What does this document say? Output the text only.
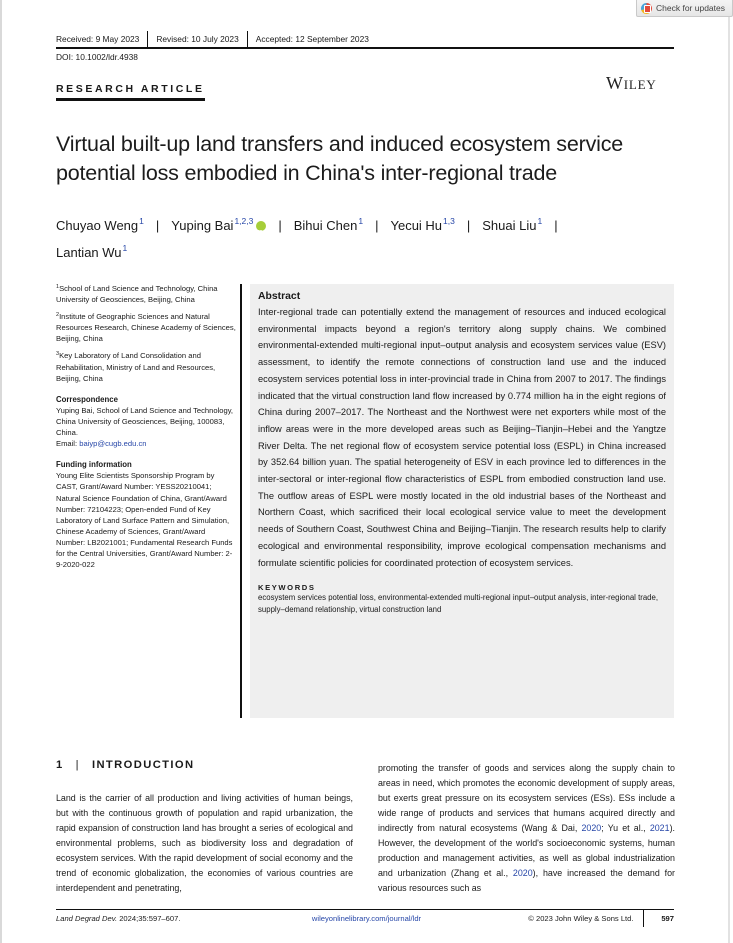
Check for updates
Received: 9 May 2023	Revised: 10 July 2023	Accepted: 12 September 2023
DOI: 10.1002/ldr.4938
RESEARCH ARTICLE	Wiley
Virtual built-up land transfers and induced ecosystem service potential loss embodied in China's inter-regional trade
Chuyao Weng$^1$ | Yuping Bai$^{1,2,3}$ iD | Bihui Chen$^1$ | Yecui Hu$^{1,3}$ | Shuai Liu$^1$ |
Lantian Wu$^1$
$^1$School of Land Science and Technology, China University of Geosciences, Beijing, China
$^2$Institute of Geographic Sciences and Natural Resources Research, Chinese Academy of Sciences, Beijing, China
$^3$Key Laboratory of Land Consolidation and Rehabilitation, Ministry of Land and Resources, Beijing, China
Correspondence
Yuping Bai, School of Land Science and Technology, China University of Geosciences, Beijing, 100083, China.
Email: baiyp@cugb.edu.cn
Funding information
Young Elite Scientists Sponsorship Program by CAST, Grant/Award Number: YESS20210041; Natural Science Foundation of China, Grant/Award Number: 72104223; Open-ended Fund of Key Laboratory of Land Surface Pattern and Simulation, Chinese Academy of Sciences, Grant/Award Number: LB2021001; Fundamental Research Funds for the Central Universities, Grant/Award Number: 2-9-2020-022
Abstract

Inter-regional trade can potentially extend the management of resources and induced ecological environmental impacts beyond a region's territory along supply chains. We combined environmental-extended multi-regional input–output analysis and ecosystem services value (ESV) assessment, to identify the remote connections of construction land use and the induced ecosystem services potential loss in inter-provincial trade in China from 2007 to 2017. The findings indicated that the virtual construction land flow increased by 0.774 million ha in the eight regions of China during 2007–2017. The Northeast and the Northwest were net exporters while most of the inflow areas were in the more developed areas such as Beijing–Tianjin–Hebei and the Yangtze River Delta. The net regional flow of ecosystem service potential loss (ESPL) in China increased by 352.64 billion yuan. The spatial heterogeneity of ESV in each province led to differences in the inter-sectoral or inter-regional flow characteristics of ESPL from embodied construction land use. The outflow areas of ESPL were mostly located in the old industrial bases of the Northeast and Northern Coast, which sacrificed their local ecological service value to meet the development needs of Southern Coast, Southwest China and Beijing–Tianjin. The research results help to clarify ecological and environmental responsibility, improve ecological compensation mechanisms and formulate scientific policies for coordinated protection of ecosystem services.

KEYWORDS
ecosystem services potential loss, environmental-extended multi-regional input–output analysis, inter-regional trade, supply–demand relationship, virtual construction land
1 | INTRODUCTION
Land is the carrier of all production and living activities of human beings, but with the continuous growth of population and rapid urbanization, the rapid expansion of construction land has brought a series of ecological and environmental problems, such as biodiversity loss and degradation of ecosystem services. With the rapid development of social economy and the trend of economic globalization, the economies of various countries are interdependent and penetrating,
promoting the transfer of goods and services along the supply chain to areas in need, which promotes the economic development of supply areas, but exerts great pressure on its ecosystem services (ESs). ESs include a wide range of products and services that humans acquired directly and indirectly from natural ecosystems (Wang & Dai, 2020; Yu et al., 2021). However, the development of the world's socioeconomic systems, human production and management activities, as well as global industrialization and urbanization (Zhang et al., 2020), have increased the demand for various resources such as
Land Degrad Dev. 2024;35:597–607.	wileyonlinelibrary.com/journal/ldr	© 2023 John Wiley & Sons Ltd.	597
